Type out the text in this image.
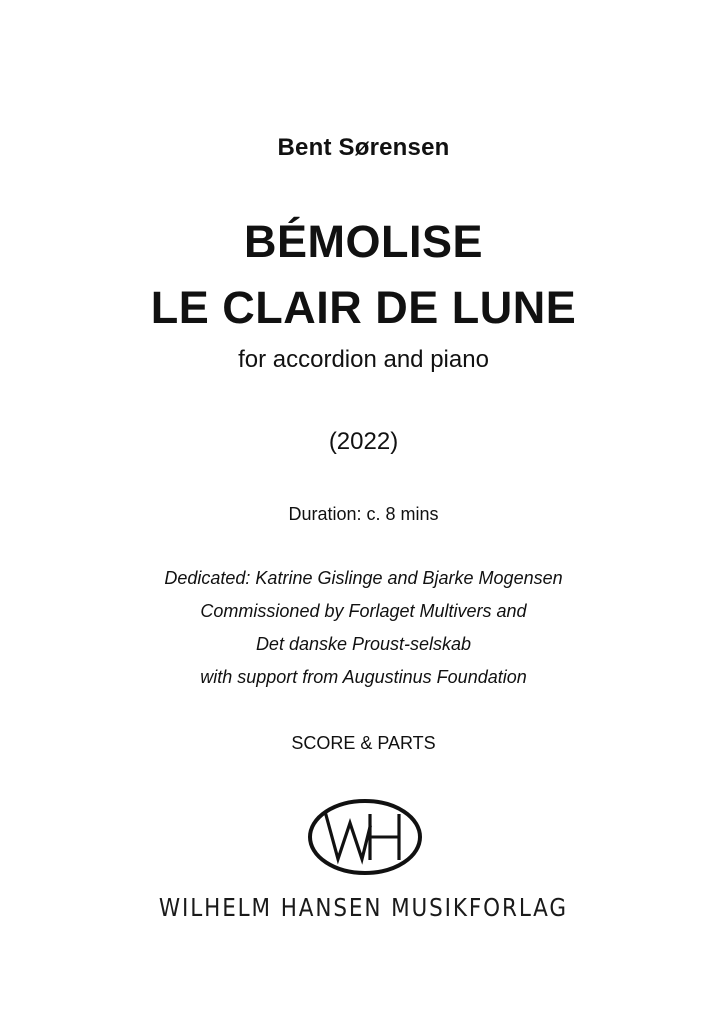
Bent Sørensen
BÉMOLISE
LE CLAIR DE LUNE
for accordion and piano
(2022)
Duration: c. 8 mins
Dedicated: Katrine Gislinge and Bjarke Mogensen
Commissioned by Forlaget Multivers and
Det danske Proust-selskab
with support from Augustinus Foundation
SCORE & PARTS
WILHELM HANSEN MUSIKFORLAG
